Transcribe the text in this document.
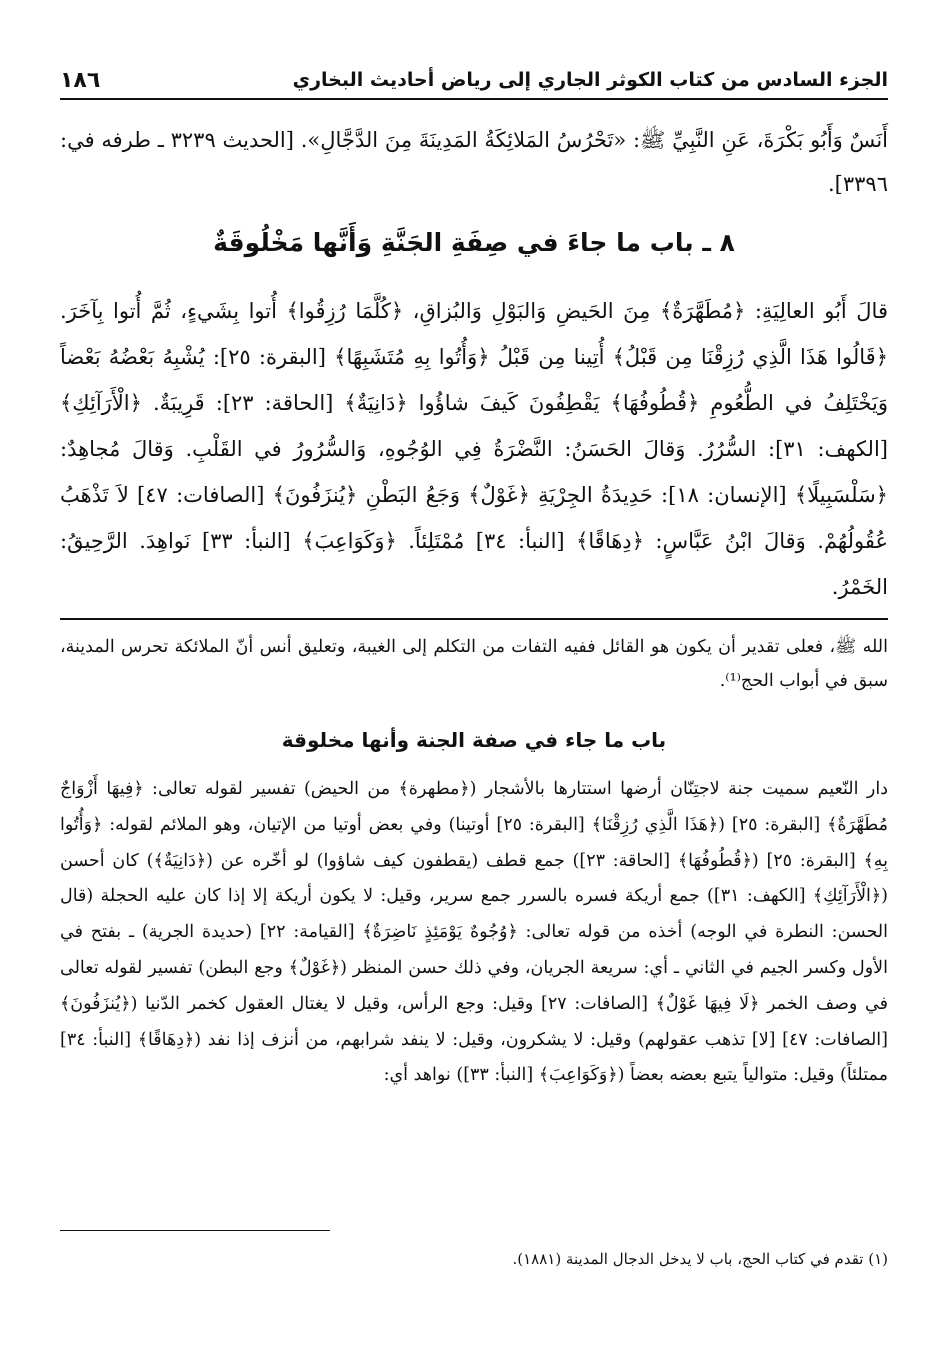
الجزء السادس من كتاب الكوثر الجاري إلى رياض أحاديث البخاري
١٨٦
أَنَسٌ وَأَبُو بَكْرَةَ، عَنِ النَّبِيِّ ﷺ: «تَحْرُسُ المَلائِكَةُ المَدِينَةَ مِنَ الدَّجَّالِ». [الحديث ٣٢٣٩ ـ طرفه في: ٣٣٩٦].
٨ ـ باب ما جاءَ في صِفَةِ الجَنَّةِ وَأَنَّها مَخْلُوقَةٌ
قالَ أَبُو العالِيَةِ: ﴿مُطَهَّرَةٌ﴾ مِنَ الحَيضِ وَالبَوْلِ وَالبُزاقِ، ﴿كُلَّمَا رُزِقُوا﴾ أُتوا بِشَيءٍ، ثُمَّ أُتوا بِآخَرَ. ﴿قَالُوا هَذَا الَّذِي رُزِقْنَا مِن قَبْلُ﴾ أُتِينا مِن قَبْلُ ﴿وَأُتُوا بِهِ مُتَشَبِهًا﴾ [البقرة: ٢٥]: يُشْبِهُ بَعْضُهُ بَعْضاً وَيَخْتَلِفُ في الطُّعُومِ ﴿قُطُوفُهَا﴾ يَقْطِفُونَ كَيفَ شاؤُوا ﴿دَانِيَةٌ﴾ [الحاقة: ٢٣]: قَرِيبَةٌ. ﴿الْأَرَآئِكِ﴾ [الكهف: ٣١]: السُّرُرُ. وَقالَ الحَسَنُ: النَّضْرَةُ فِي الوُجُوهِ، وَالسُّرُورُ في القَلْبِ. وَقالَ مُجاهِدٌ: ﴿سَلْسَبِيلًا﴾ [الإنسان: ١٨]: حَدِيدَةُ الجِرْيَةِ ﴿غَوْلٌ﴾ وَجَعُ البَطْنِ ﴿يُنزَفُونَ﴾ [الصافات: ٤٧] لاَ تَذْهَبُ عُقُولُهُمْ. وَقالَ ابْنُ عَبَّاسٍ: ﴿دِهَاقًا﴾ [النبأ: ٣٤] مُمْتَلِئاً. ﴿وَكَوَاعِبَ﴾ [النبأ: ٣٣] نَواهِدَ. الرَّحِيقُ: الخَمْرُ.
الله ﷺ، فعلى تقدير أن يكون هو القائل ففيه التفات من التكلم إلى الغيبة، وتعليق أنس أنّ الملائكة تحرس المدينة، سبق في أبواب الحج⁽¹⁾.
باب ما جاء في صفة الجنة وأنها مخلوقة
دار النّعيم سميت جنة لاجتِنّان أرضها استتارها بالأشجار (﴿مطهرة﴾ من الحيض) تفسير لقوله تعالى: ﴿فِيهَا أَزْوَاجٌ مُطَهَّرَةٌ﴾ [البقرة: ٢٥] (﴿هَذَا الَّذِي رُزِقْنَا﴾ [البقرة: ٢٥] أوتينا) وفي بعض أوتيا من الإتيان، وهو الملائم لقوله: ﴿وَأُتُوا بِهِ﴾ [البقرة: ٢٥] (﴿قُطُوفُهَا﴾ [الحاقة: ٢٣]) جمع قطف (يقطفون كيف شاؤوا) لو أخّره عن (﴿دَانِيَةٌ﴾) كان أحسن (﴿الْأَرَآئِكِ﴾ [الكهف: ٣١]) جمع أريكة فسره بالسرر جمع سرير، وقيل: لا يكون أريكة إلا إذا كان عليه الحجلة (قال الحسن: النطرة في الوجه) أخذه من قوله تعالى: ﴿وُجُوهٌ يَوْمَئِذٍ نَاضِرَةٌ﴾ [القيامة: ٢٢] (حديدة الجرية) ـ بفتح في الأول وكسر الجيم في الثاني ـ أي: سريعة الجريان، وفي ذلك حسن المنظر (﴿غَوْلٌ﴾ وجع البطن) تفسير لقوله تعالى في وصف الخمر ﴿لَا فِيهَا غَوْلٌ﴾ [الصافات: ٢٧] وقيل: وجع الرأس، وقيل لا يغتال العقول كخمر الدّنيا (﴿يُنزَفُونَ﴾ [الصافات: ٤٧] [لا] تذهب عقولهم) وقيل: لا يشكرون، وقيل: لا ينفد شرابهم، من أنزف إذا نفد (﴿دِهَاقًا﴾ [النبأ: ٣٤] ممتلئاً) وقيل: متوالياً يتبع بعضه بعضاً (﴿وَكَوَاعِبَ﴾ [النبأ: ٣٣]) نواهد أي:
(١) تقدم في كتاب الحج، باب لا يدخل الدجال المدينة (١٨٨١).
